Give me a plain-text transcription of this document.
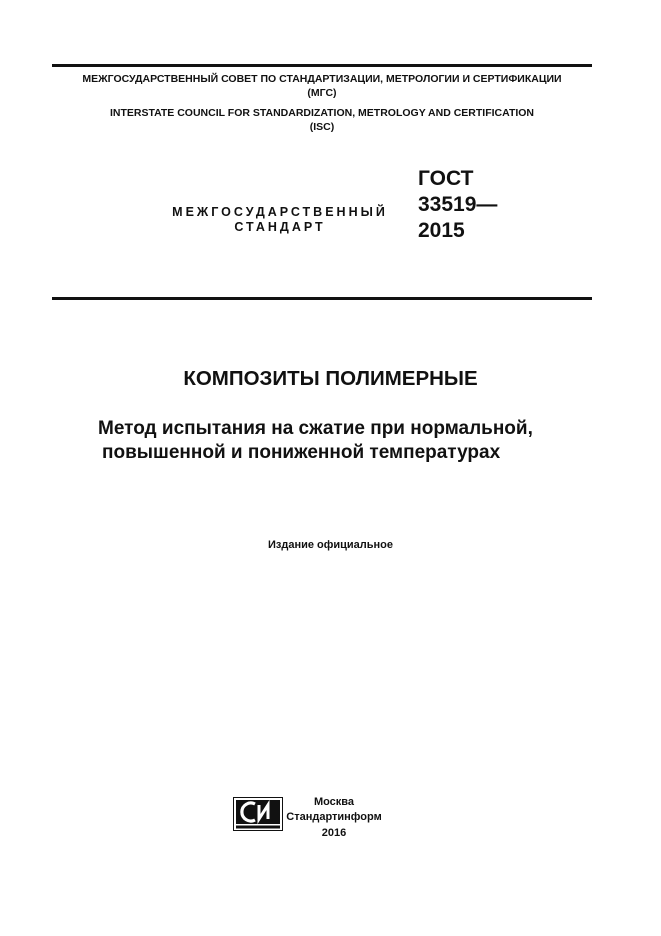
МЕЖГОСУДАРСТВЕННЫЙ СОВЕТ ПО СТАНДАРТИЗАЦИИ, МЕТРОЛОГИИ И СЕРТИФИКАЦИИ
(МГС)
INTERSTATE COUNCIL FOR STANDARDIZATION, METROLOGY AND CERTIFICATION
(ISC)
МЕЖГОСУДАРСТВЕННЫЙ
СТАНДАРТ
ГОСТ
33519—
2015
КОМПОЗИТЫ ПОЛИМЕРНЫЕ
Метод испытания на сжатие при нормальной,
повышенной и пониженной температурах
Издание официальное
Москва
Стандартинформ
2016
